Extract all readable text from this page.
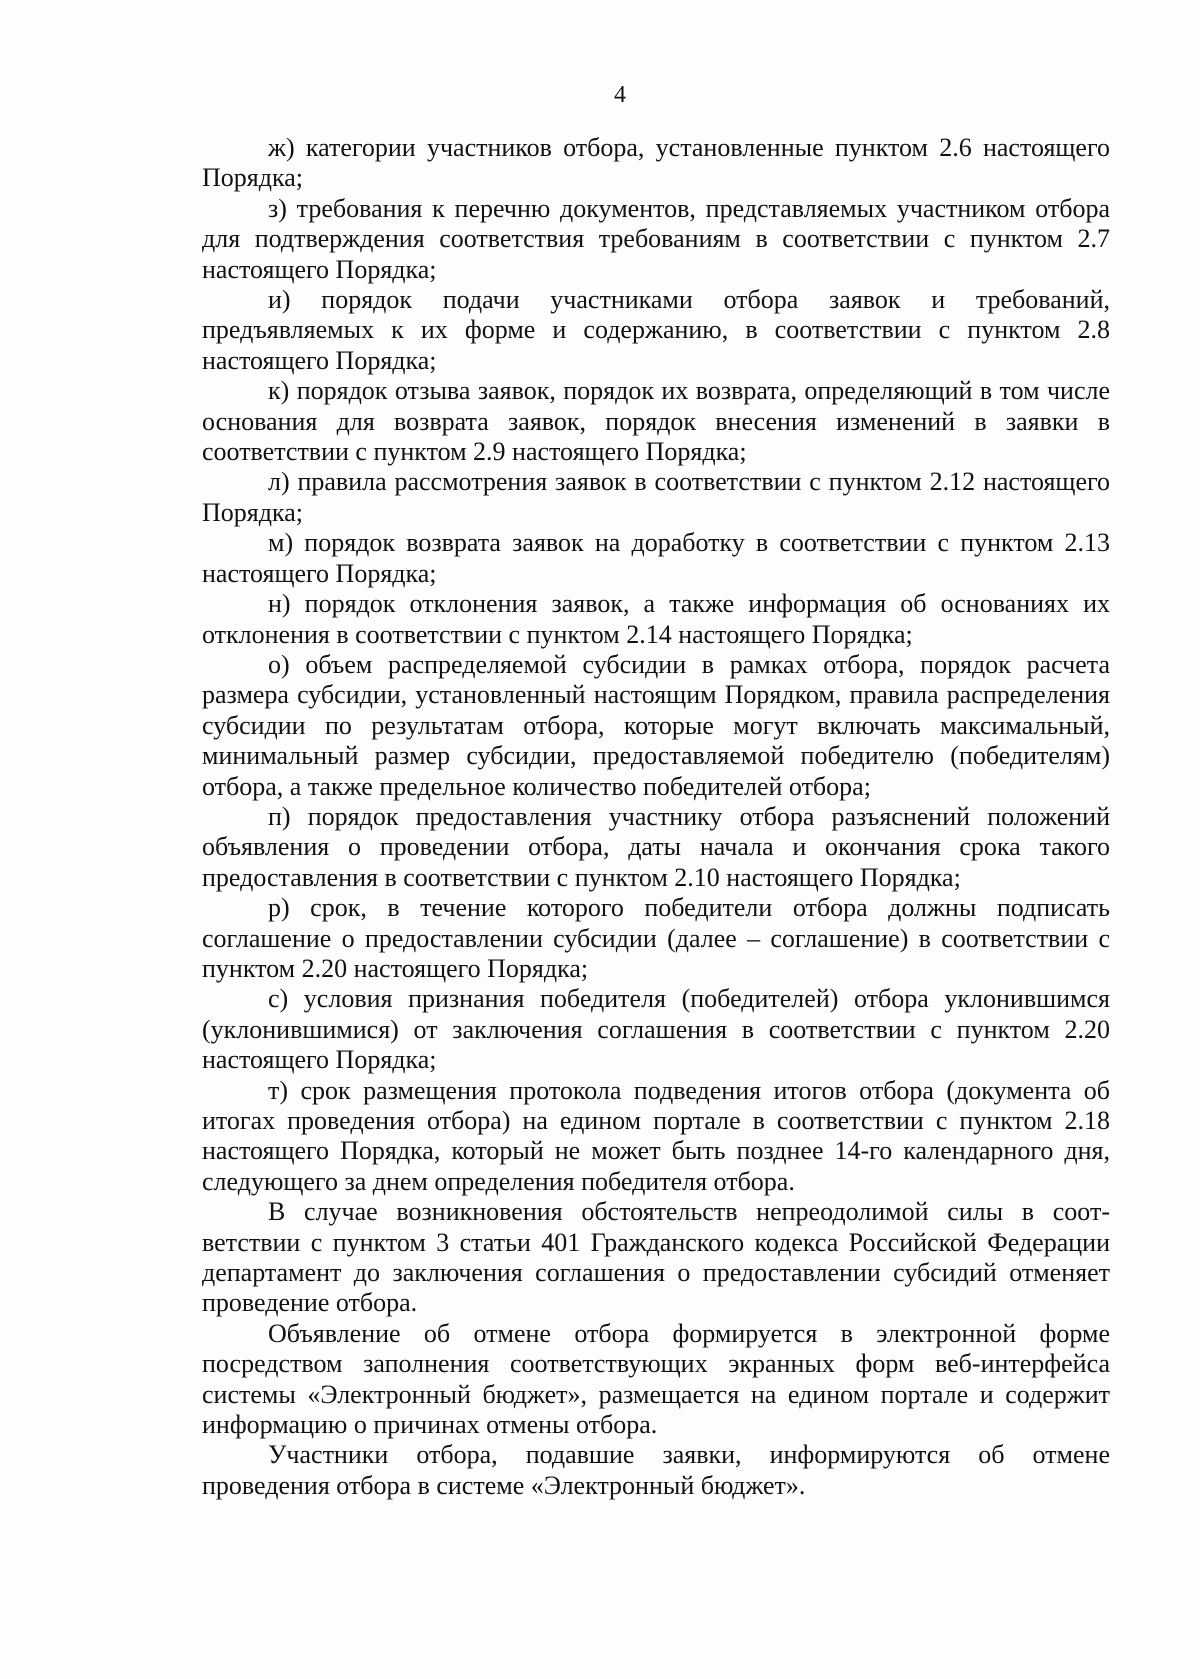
4

ж) категории участников отбора, установленные пунктом 2.6 настоящего Порядка;

з) требования к перечню документов, представляемых участником отбора для подтверждения соответствия требованиям в соответствии с пунктом 2.7 настоящего Порядка;

и) порядок подачи участниками отбора заявок и требований, предъявляемых к их форме и содержанию, в соответствии с пунктом 2.8 настоящего Порядка;

к) порядок отзыва заявок, порядок их возврата, определяющий в том числе основания для возврата заявок, порядок внесения изменений в заявки в соответствии с пунктом 2.9 настоящего Порядка;

л) правила рассмотрения заявок в соответствии с пунктом 2.12 настоящего Порядка;

м) порядок возврата заявок на доработку в соответствии с пунктом 2.13 настоящего Порядка;

н) порядок отклонения заявок, а также информация об основаниях их отклонения в соответствии с пунктом 2.14 настоящего Порядка;

о) объем распределяемой субсидии в рамках отбора, порядок расчета размера субсидии, установленный настоящим Порядком, правила распределения субсидии по результатам отбора, которые могут включать максимальный, минимальный размер субсидии, предоставляемой победителю (победителям) отбора, а также предельное количество победителей отбора;

п) порядок предоставления участнику отбора разъяснений положений объявления о проведении отбора, даты начала и окончания срока такого предоставления в соответствии с пунктом 2.10 настоящего Порядка;

р) срок, в течение которого победители отбора должны подписать соглашение о предоставлении субсидии (далее – соглашение) в соответствии с пунктом 2.20 настоящего Порядка;

с) условия признания победителя (победителей) отбора уклонившимся (уклонившимися) от заключения соглашения в соответствии с пунктом 2.20 настоящего Порядка;

т) срок размещения протокола подведения итогов отбора (документа об итогах проведения отбора) на едином портале в соответствии с пунктом 2.18 настоящего Порядка, который не может быть позднее 14-го календарного дня, следующего за днем определения победителя отбора.

В случае возникновения обстоятельств непреодолимой силы в соответствии с пунктом 3 статьи 401 Гражданского кодекса Российской Федерации департамент до заключения соглашения о предоставлении субсидий отменяет проведение отбора.

Объявление об отмене отбора формируется в электронной форме посредством заполнения соответствующих экранных форм веб-интерфейса системы «Электронный бюджет», размещается на едином портале и содержит информацию о причинах отмены отбора.

Участники отбора, подавшие заявки, информируются об отмене проведения отбора в системе «Электронный бюджет».
